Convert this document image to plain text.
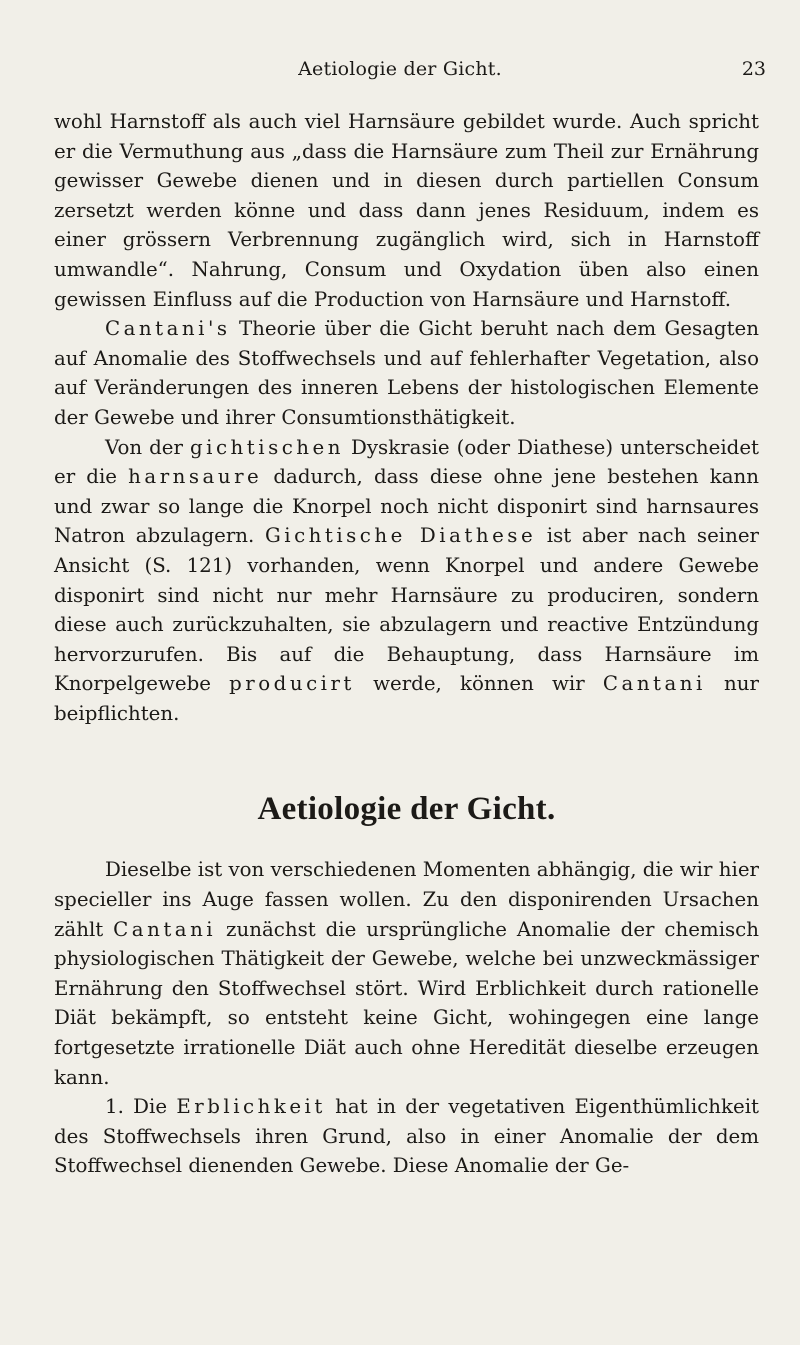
Aetiologie der Gicht.	23

wohl Harnstoff als auch viel Harnsäure gebildet wurde. Auch spricht er die Vermuthung aus „dass die Harnsäure zum Theil zur Ernährung gewisser Gewebe dienen und in diesen durch partiellen Consum zersetzt werden könne und dass dann jenes Residuum, indem es einer grössern Verbrennung zugänglich wird, sich in Harnstoff umwandle“. Nahrung, Consum und Oxydation üben also einen gewissen Einfluss auf die Production von Harnsäure und Harnstoff.

Cantani's Theorie über die Gicht beruht nach dem Gesagten auf Anomalie des Stoffwechsels und auf fehlerhafter Vegetation, also auf Veränderungen des inneren Lebens der histologischen Elemente der Gewebe und ihrer Consumtionsthätigkeit.

Von der gichtischen Dyskrasie (oder Diathese) unterscheidet er die harnsaure dadurch, dass diese ohne jene bestehen kann und zwar so lange die Knorpel noch nicht disponirt sind harnsaures Natron abzulagern. Gichtische Diathese ist aber nach seiner Ansicht (S. 121) vorhanden, wenn Knorpel und andere Gewebe disponirt sind nicht nur mehr Harnsäure zu produciren, sondern diese auch zurückzuhalten, sie abzulagern und reactive Entzündung hervorzurufen. Bis auf die Behauptung, dass Harnsäure im Knorpelgewebe producirt werde, können wir Cantani nur beipflichten.

Aetiologie der Gicht.

Dieselbe ist von verschiedenen Momenten abhängig, die wir hier specieller ins Auge fassen wollen. Zu den disponirenden Ursachen zählt Cantani zunächst die ursprüngliche Anomalie der chemisch physiologischen Thätigkeit der Gewebe, welche bei unzweckmässiger Ernährung den Stoffwechsel stört. Wird Erblichkeit durch rationelle Diät bekämpft, so entsteht keine Gicht, wohingegen eine lange fortgesetzte irrationelle Diät auch ohne Heredität dieselbe erzeugen kann.

1. Die Erblichkeit hat in der vegetativen Eigenthümlichkeit des Stoffwechsels ihren Grund, also in einer Anomalie der dem Stoffwechsel dienenden Gewebe. Diese Anomalie der Ge-
